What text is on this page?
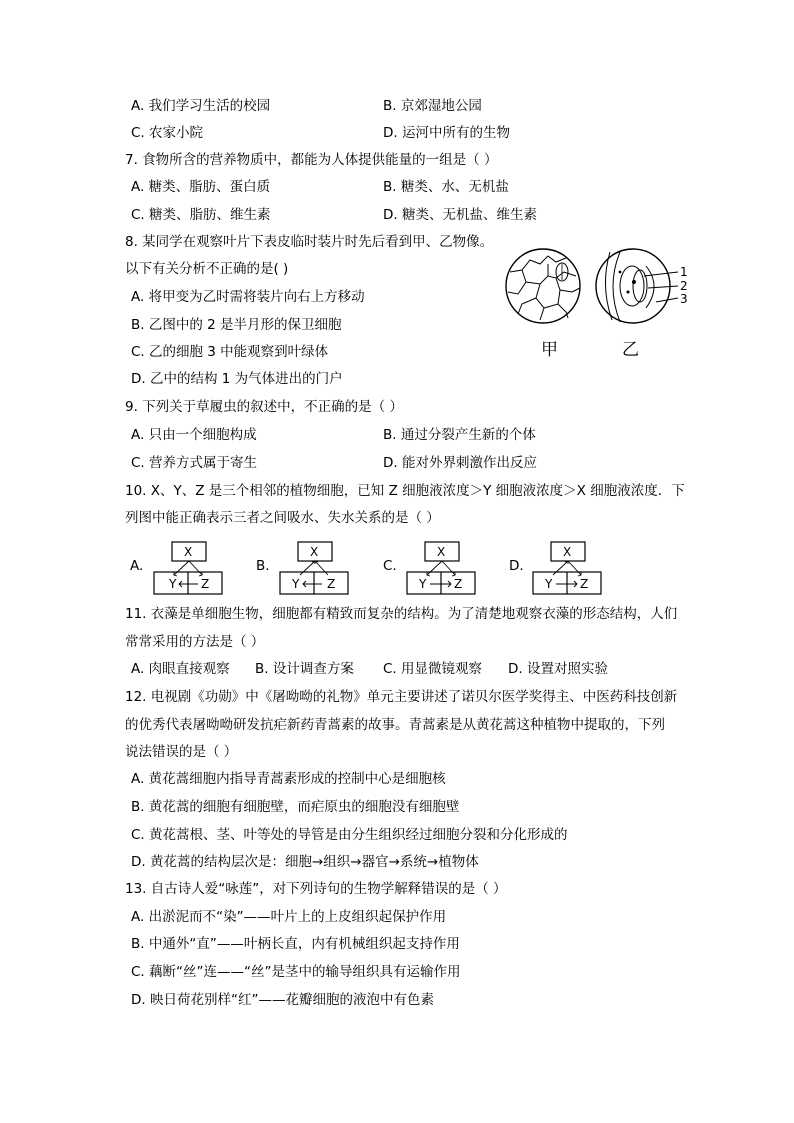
A. 我们学习生活的校园	B. 京郊湿地公园
C. 农家小院	D. 运河中所有的生物
7. 食物所含的营养物质中，都能为人体提供能量的一组是（ ）
A. 糖类、脂肪、蛋白质	B. 糖类、水、无机盐
C. 糖类、脂肪、维生素	D. 糖类、无机盐、维生素
8. 某同学在观察叶片下表皮临时装片时先后看到甲、乙物像。
以下有关分析不正确的是( )
A. 将甲变为乙时需将装片向右上方移动
B. 乙图中的 2 是半月形的保卫细胞
C. 乙的细胞 3 中能观察到叶绿体
D. 乙中的结构 1 为气体进出的门户
1
2
3
甲	乙
9. 下列关于草履虫的叙述中，不正确的是（ ）
A. 只由一个细胞构成	B. 通过分裂产生新的个体
C. 营养方式属于寄生	D. 能对外界刺激作出反应
10. X、Y、Z 是三个相邻的植物细胞，已知 Z 细胞液浓度＞Y 细胞液浓度＞X 细胞液浓度．下
列图中能正确表示三者之间吸水、失水关系的是（ ）
A.	B.	C.	D.
X
Y Z
X
Y Z
X
Y Z
X
Y Z
11. 衣藻是单细胞生物，细胞都有精致而复杂的结构。为了清楚地观察衣藻的形态结构，人们
常常采用的方法是（ ）
A. 肉眼直接观察 B. 设计调查方案 C. 用显微镜观察 D. 设置对照实验
12. 电视剧《功勋》中《屠呦呦的礼物》单元主要讲述了诺贝尔医学奖得主、中医药科技创新
的优秀代表屠呦呦研发抗疟新药青蒿素的故事。青蒿素是从黄花蒿这种植物中提取的，下列
说法错误的是（ ）
A. 黄花蒿细胞内指导青蒿素形成的控制中心是细胞核
B. 黄花蒿的细胞有细胞壁，而疟原虫的细胞没有细胞壁
C. 黄花蒿根、茎、叶等处的导管是由分生组织经过细胞分裂和分化形成的
D. 黄花蒿的结构层次是：细胞→组织→器官→系统→植物体
13. 自古诗人爱“咏莲”，对下列诗句的生物学解释错误的是（ ）
A. 出淤泥而不“染”——叶片上的上皮组织起保护作用
B. 中通外“直”——叶柄长直，内有机械组织起支持作用
C. 藕断“丝”连——“丝”是茎中的输导组织具有运输作用
D. 映日荷花别样“红”——花瓣细胞的液泡中有色素
